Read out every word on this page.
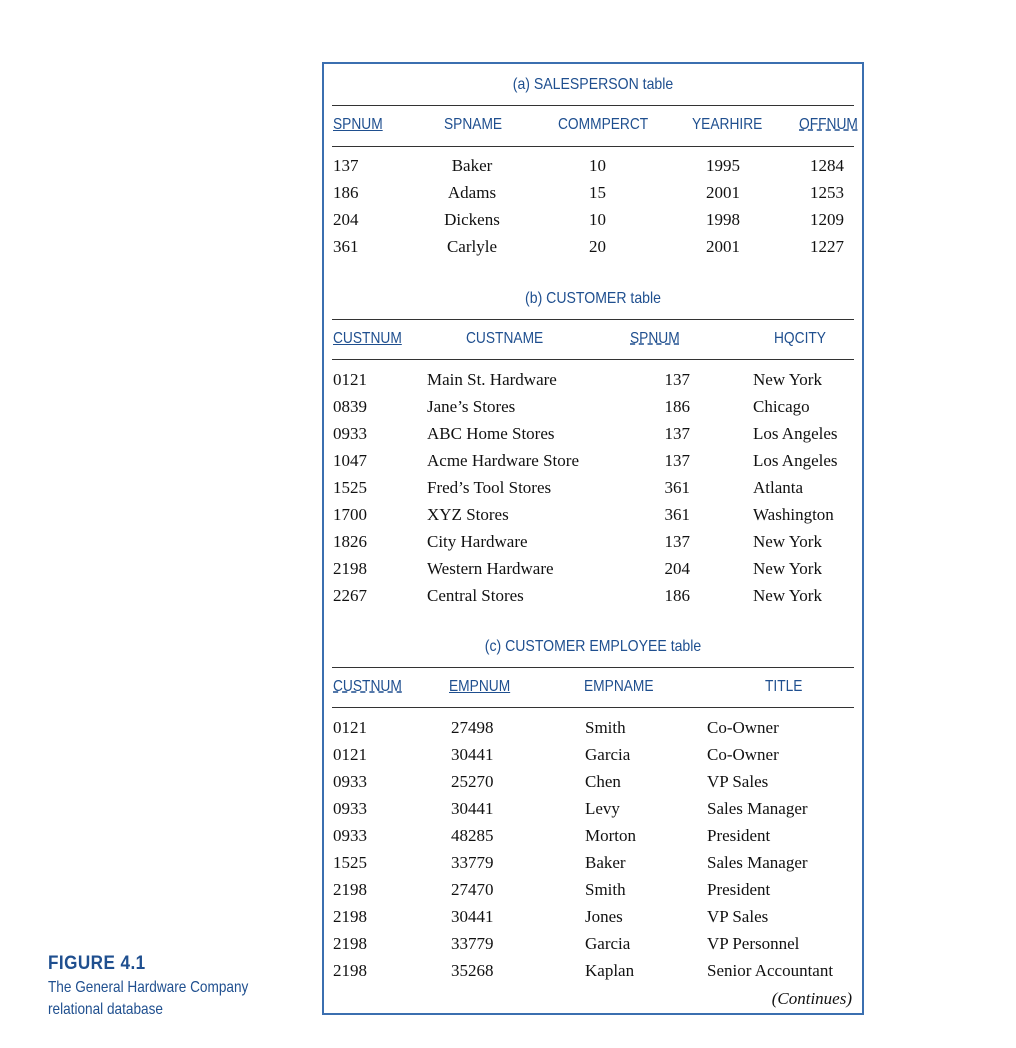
(a) SALESPERSON table
SPNUM	SPNAME	COMMPERCT	YEARHIRE OFFNUM
137	Baker	10	1995	1284
186	Adams	15	2001	1253
204	Dickens	10	1998	1209
361	Carlyle	20	2001	1227
(b) CUSTOMER table
CUSTNUM	CUSTNAME	SPNUM	HQCITY
0121	Main St. Hardware	137	New York
0839	Jane’s Stores	186	Chicago
0933	ABC Home Stores	137	Los Angeles
1047	Acme Hardware Store	137	Los Angeles
1525	Fred’s Tool Stores	361	Atlanta
1700	XYZ Stores	361	Washington
1826	City Hardware	137	New York
2198	Western Hardware	204	New York
2267	Central Stores	186	New York
(c) CUSTOMER EMPLOYEE table
CUSTNUM	EMPNUM	EMPNAME	TITLE
0121	27498	Smith	Co-Owner
0121	30441	Garcia	Co-Owner
0933	25270	Chen	VP Sales
0933	30441	Levy	Sales Manager
0933	48285	Morton	President
1525	33779	Baker	Sales Manager
2198	27470	Smith	President
2198	30441	Jones	VP Sales
2198	33779	Garcia	VP Personnel
2198	35268	Kaplan	Senior Accountant
(Continues)
FIGURE 4.1
The General Hardware Company relational database
